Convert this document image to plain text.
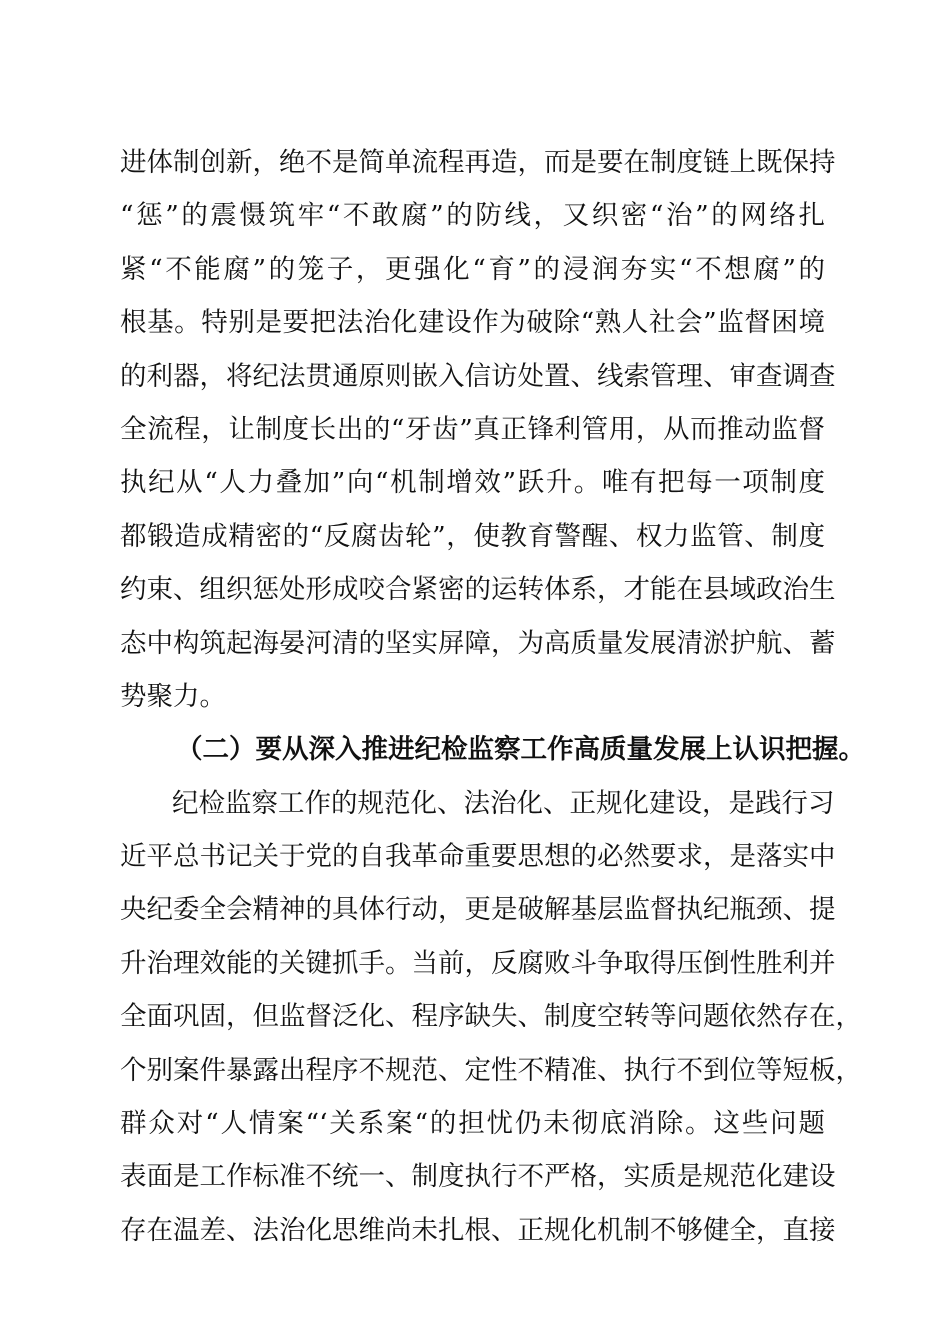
进体制创新，绝不是简单流程再造，而是要在制度链上既保持
“惩”的震慑筑牢“不敢腐”的防线，又织密“治”的网络扎
紧“不能腐”的笼子，更强化“育”的浸润夯实“不想腐”的
根基。特别是要把法治化建设作为破除“熟人社会”监督困境
的利器，将纪法贯通原则嵌入信访处置、线索管理、审查调查
全流程，让制度长出的“牙齿”真正锋利管用，从而推动监督
执纪从“人力叠加”向“机制增效”跃升。唯有把每一项制度
都锻造成精密的“反腐齿轮”，使教育警醒、权力监管、制度
约束、组织惩处形成咬合紧密的运转体系，才能在县域政治生
态中构筑起海晏河清的坚实屏障，为高质量发展清淤护航、蓄
势聚力。
（二）要从深入推进纪检监察工作高质量发展上认识把握。
纪检监察工作的规范化、法治化、正规化建设，是践行习
近平总书记关于党的自我革命重要思想的必然要求，是落实中
央纪委全会精神的具体行动，更是破解基层监督执纪瓶颈、提
升治理效能的关键抓手。当前，反腐败斗争取得压倒性胜利并
全面巩固，但监督泛化、程序缺失、制度空转等问题依然存在，
个别案件暴露出程序不规范、定性不精准、执行不到位等短板，
群众对“人情案“‘关系案“的担忧仍未彻底消除。这些问题
表面是工作标准不统一、制度执行不严格，实质是规范化建设
存在温差、法治化思维尚未扎根、正规化机制不够健全，直接
